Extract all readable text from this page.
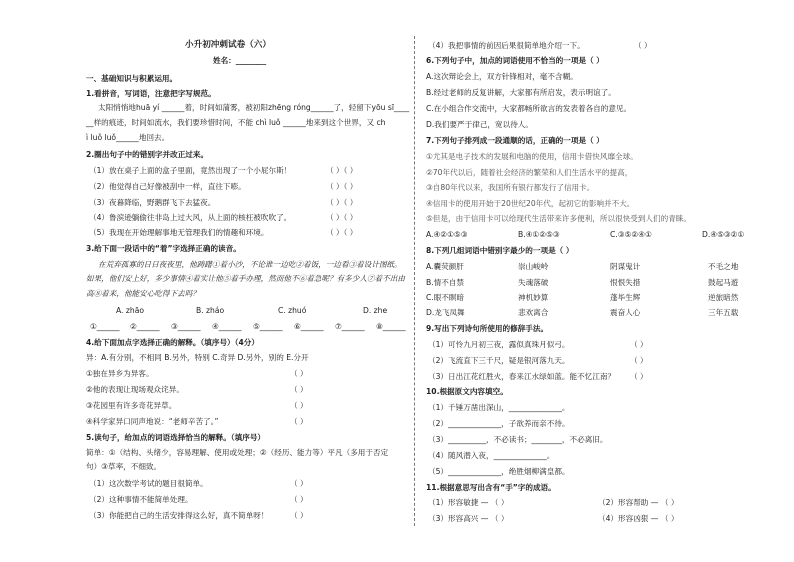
小升初冲刺试卷（六）
姓名：________
一、基础知识与积累运用。
1.看拼音，写词语，注意把字写规范。
太阳悄悄地huā yí ______着，时间如蒲雾，被初阳zhēng róng______了，轻留下yōu sī____
__样的痕迹，时间如流水，我们要珍惜时间，不能 chì luǒ ______地来到这个世界，又 ch
ì luǒ luǒ______地回去。
2.圈出句子中的错别字并改正过来。
（1）放在桌子上面的盒子里面，竟然出现了一个小屁尔斯！	（ ）（ ）
（2）他觉得自己好像被刮中一样，直往下嘭。	（ ）（ ）
（3）夜暮降临，野鹅群飞下去猛夜。	（ ）（ ）
（4）鲁滨逊躺偷往非岛上过大风，从上面的核枉被吹吹了。	（ ）（ ）
（5）我现在开始理解事地无管理我们的情趣和环境。	（ ）（ ）
3.给下面一段话中的“着”字选择正确的读音。
在荒弃孤寡的日日夜夜里，他踌躇①着小沙，不论谁一边吃②着饭，一边看③着设计图纸。
如果，他们安上好，多少事情④着实让他⑤着手办理，然而他不⑥着急呢？有多少人⑦着不出由
高⑧着来，他能安心吃得下去吗？
A. zhāo	B. zháo	C. zhuó	D. zhe
①______ ②______ ③______ ④______ ⑤______ ⑥______ ⑦______ ⑧______
4.给下面加点字选择正确的解释。（填序号）（4分）
异：A.有分别，不相同 B.另外，特别 C.奇异 D.另外，别的 E.分开
①独在异乡为异客。	（ ）
②他的表现让现场观众诧异。	（ ）
③花园里有许多奇花异草。	（ ）
④科学家异口同声地说：“老师辛苦了。”	（ ）
5.读句子，给加点的词语选择恰当的解释。（填序号）
简单：①（结构、头绪少，容易理解、使用或处理；②（经历、能力等）平凡（多用于否定
句）③草率，不细致。
（1）这次数学考试的题目很简单。	（ ）
（2）这种事情不能简单处理。	（ ）
（3）你能把自己的生活安排得这么好，真不简单呀！	（ ）
（4）我把事情的前因后果很简单地介绍一下。	（ ）
6.下列句子中，加点的词语使用不恰当的一项是（ ）
A.这次辩论会上，双方针锋相对，毫不含糊。
B.经过老师的反复讲解，大家都有所启发，表示明谊了。
C.在小组合作交流中，大家都畅所欲言的发表着各自的意见。
D.我们要严于律己，宽以待人。
7.下列句子排列成一段通顺的话，正确的一项是（ ）
①尤其是电子技术的发展和电脑的使用，信用卡借快风靡全球。
②70年代以后，随着社会经济的繁荣和人们生活水平的提高，
③自80年代以来，我国所有银行都发行了信用卡。
④信用卡的使用开始于20世纪20年代，起初它的影响并不大。
⑤但是，由于信用卡可以给现代生活带来许多便利，所以很快受到人们的青睐。
A.④②①⑤③	B.④①②⑤③	C.③⑤②④①	D.④⑤③②①
8.下列几组词语中错别字最少的一项是（ ）
A.囊荧颜肝	崇山峻岭	阴谋鬼计	不毛之地
B.情不自禁	失魂落破	恨恨失措	鼓起马遊
C.眼不瞑暗	神机妙算	蓬毕生辉	逆旅暗然
D.龙飞凤舞	悲欢离合	震奋人心	三年五载
9.写出下列诗句所使用的修辞手法。
（1）可怜九月初三夜，露似真珠月似弓。	（ ）
（2）飞流直下三千尺，疑是银河落九天。	（ ）
（3）日出江花红胜火，春来江水绿如蓝。能不忆江南？ （ ）
10.根据原文内容填空。
（1）千锤万凿出深山，______________。
（2）______________，子欲养而亲不待。
（3）__________，不必读书；________，不必离旧。
（4）随风潜入夜，______________。
（5）______________，绝胜烟柳满皇都。
11.根据意思写出含有“手”字的成语。
（1）形容敏捷 — （ ）	（2）形容帮助 — （ ）
（3）形容高兴 — （ ）	（4）形容凶狠 — （ ）
